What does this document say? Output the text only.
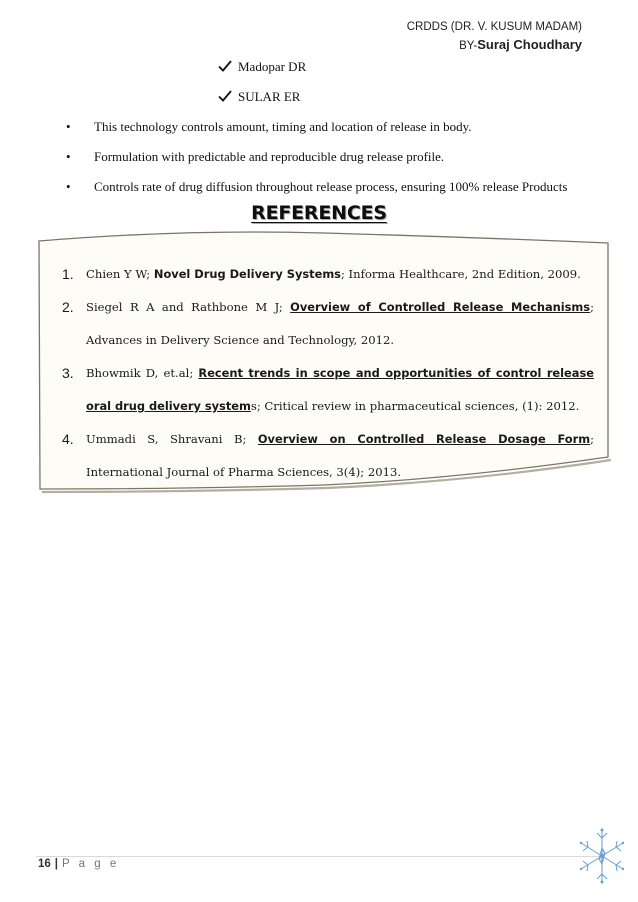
CRDDS (DR. V. KUSUM MADAM)
BY-Suraj Choudhary
Madopar DR
SULAR ER
•	This technology controls amount, timing and location of release in body.
•	Formulation with predictable and reproducible drug release profile.
•	Controls rate of drug diffusion throughout release process, ensuring 100% release Products
REFERENCES
1.	Chien Y W; Novel Drug Delivery Systems; Informa Healthcare, 2nd Edition, 2009.
2.	Siegel R A and Rathbone M J; Overview of Controlled Release Mechanisms; Advances in Delivery Science and Technology, 2012.
3.	Bhowmik D, et.al; Recent trends in scope and opportunities of control release oral drug delivery systems; Critical review in pharmaceutical sciences, (1): 2012.
4.	Ummadi S, Shravani B; Overview on Controlled Release Dosage Form; International Journal of Pharma Sciences, 3(4); 2013.
16 | P a g e
